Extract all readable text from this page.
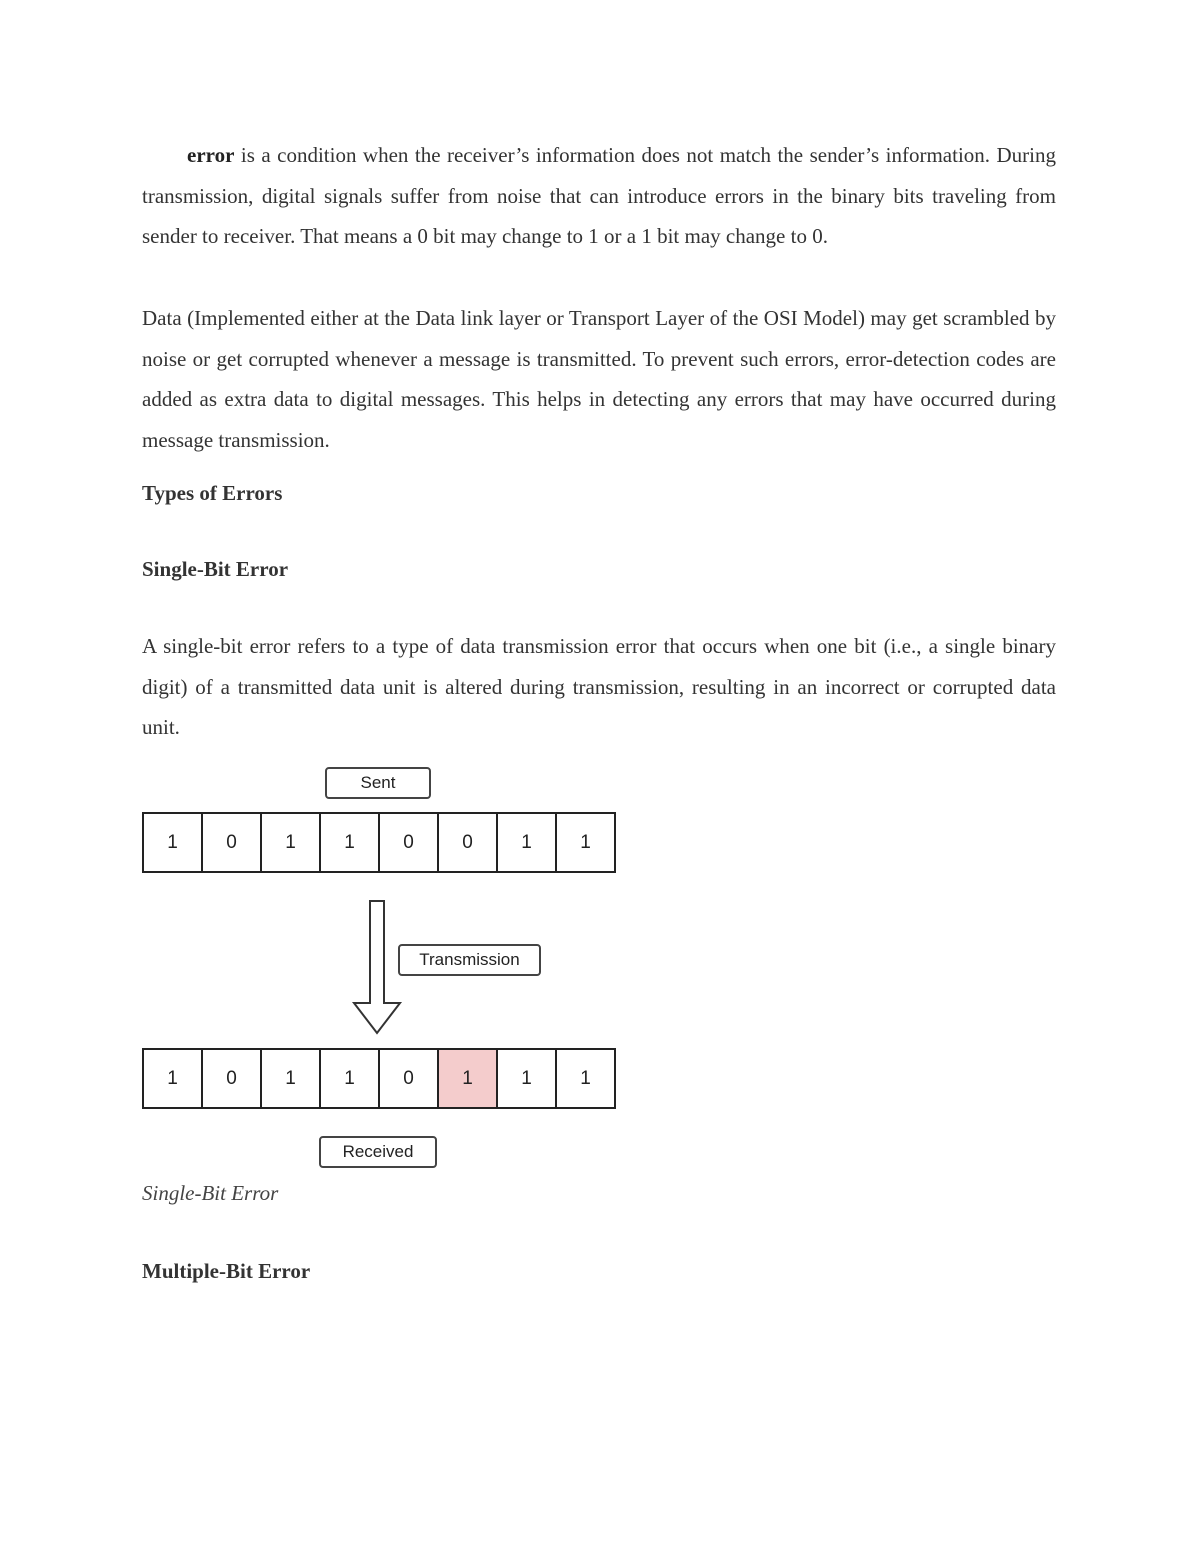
error is a condition when the receiver’s information does not match the sender’s information. During transmission, digital signals suffer from noise that can introduce errors in the binary bits traveling from sender to receiver. That means a 0 bit may change to 1 or a 1 bit may change to 0.

Data (Implemented either at the Data link layer or Transport Layer of the OSI Model) may get scrambled by noise or get corrupted whenever a message is transmitted. To prevent such errors, error-detection codes are added as extra data to digital messages. This helps in detecting any errors that may have occurred during message transmission.

Types of Errors

Single-Bit Error

A single-bit error refers to a type of data transmission error that occurs when one bit (i.e., a single binary digit) of a transmitted data unit is altered during transmission, resulting in an incorrect or corrupted data unit.

Sent
1	0	1	1	0	0	1	1
Transmission
1	0	1	1	0	1	1	1
Received
Single-Bit Error

Multiple-Bit Error
